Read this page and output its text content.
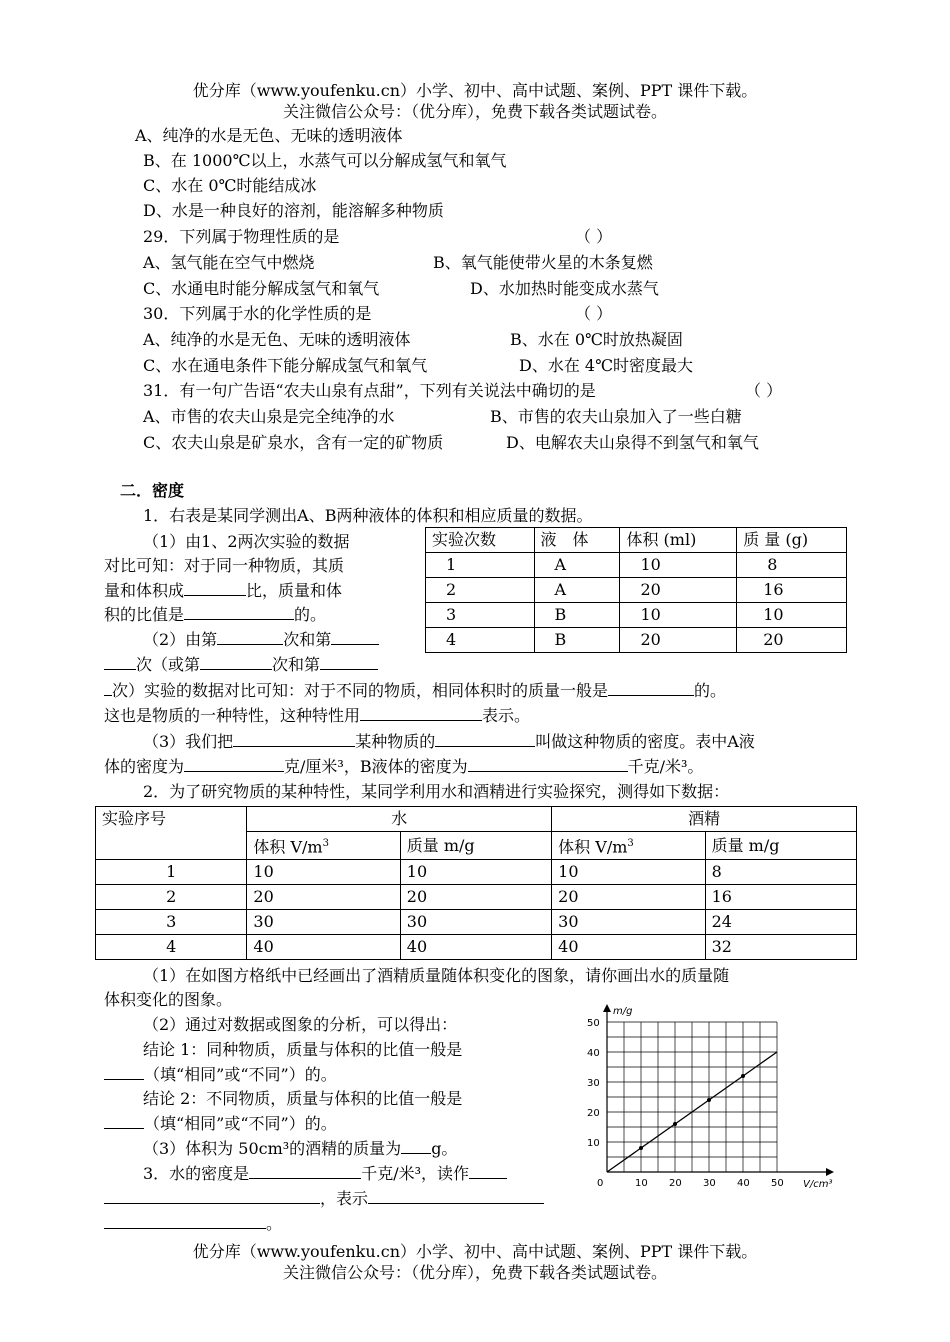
优分库（www.youfenku.cn）小学、初中、高中试题、案例、PPT 课件下载。
关注微信公众号：（优分库），免费下载各类试题试卷。
A、纯净的水是无色、无味的透明液体
B、在 1000℃以上，水蒸气可以分解成氢气和氧气
C、水在 0℃时能结成冰
D、水是一种良好的溶剂，能溶解多种物质
29．下列属于物理性质的是	（ ）
A、氢气能在空气中燃烧	B、氧气能使带火星的木条复燃
C、水通电时能分解成氢气和氧气	D、水加热时能变成水蒸气
30．下列属于水的化学性质的是	（ ）
A、纯净的水是无色、无味的透明液体	B、水在 0℃时放热凝固
C、水在通电条件下能分解成氢气和氧气	D、水在 4℃时密度最大
31．有一句广告语“农夫山泉有点甜”，下列有关说法中确切的是	（ ）
A、市售的农夫山泉是完全纯净的水	B、市售的农夫山泉加入了一些白糖
C、农夫山泉是矿泉水，含有一定的矿物质	D、电解农夫山泉得不到氢气和氧气
二．密度
1．右表是某同学测出A、B两种液体的体积和相应质量的数据。
（1）由1、2两次实验的数据
对比可知：对于同一种物质，其质
量和体积成	比，质量和体
积的比值是	的。
（2）由第	次和第
次（或第	次和第
次）实验的数据对比可知：对于不同的物质，相同体积时的质量一般是	的。
这也是物质的一种特性，这种特性用	表示。
（3）我们把	某种物质的	叫做这种物质的密度。表中A液
体的密度为	克/厘米³，B液体的密度为	千克/米³。
实验次数	液　体	体积 (ml)	质 量 (g)
1	A	10	8
2	A	20	16
3	B	10	10
4	B	20	20
2．为了研究物质的某种特性，某同学利用水和酒精进行实验探究，测得如下数据：
实验序号	水		酒精	
	体积 $V/m^3$	质量 m/g	体积 $V/m^3$	质量 m/g
1	10	10	10	8
2	20	20	20	16
3	30	30	30	24
4	40	40	40	32
（1）在如图方格纸中已经画出了酒精质量随体积变化的图象，请你画出水的质量随
体积变化的图象。
（2）通过对数据或图象的分析，可以得出：
结论 1：同种物质，质量与体积的比值一般是
（填“相同”或“不同”）的。
结论 2：不同物质，质量与体积的比值一般是
（填“相同”或“不同”）的。
（3）体积为 50cm³的酒精的质量为 g。
3．水的密度是	千克/米³，读作
，表示
。
0	10 20 30 40 50
10
20
30
40
50
V/cm³
m/g
优分库（www.youfenku.cn）小学、初中、高中试题、案例、PPT 课件下载。
关注微信公众号：（优分库），免费下载各类试题试卷。
